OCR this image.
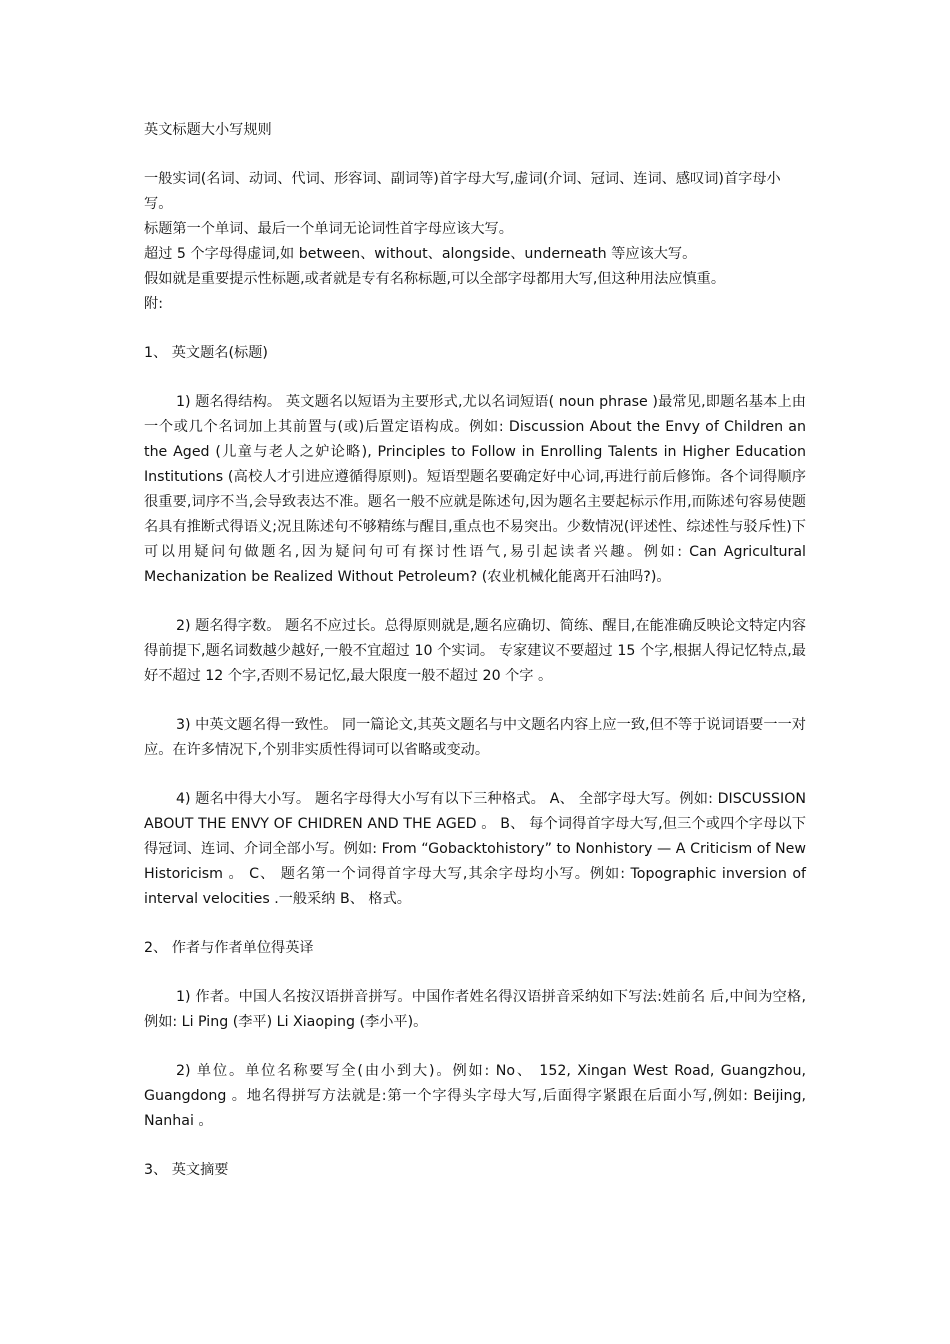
英文标题大小写规则

一般实词(名词、动词、代词、形容词、副词等)首字母大写,虚词(介词、冠词、连词、感叹词)首字母小写。

标题第一个单词、最后一个单词无论词性首字母应该大写。

超过 5 个字母得虚词,如 between、without、alongside、underneath 等应该大写。

假如就是重要提示性标题,或者就是专有名称标题,可以全部字母都用大写,但这种用法应慎重。

附:

1、 英文题名(标题)

1) 题名得结构。 英文题名以短语为主要形式,尤以名词短语( noun phrase )最常见,即题名基本上由一个或几个名词加上其前置与(或)后置定语构成。例如: Discussion About the Envy of Children an the Aged (儿童与老人之妒论略), Principles to Follow in Enrolling Talents in Higher Education Institutions (高校人才引进应遵循得原则)。短语型题名要确定好中心词,再进行前后修饰。各个词得顺序很重要,词序不当,会导致表达不准。题名一般不应就是陈述句,因为题名主要起标示作用,而陈述句容易使题名具有推断式得语义;况且陈述句不够精练与醒目,重点也不易突出。少数情况(评述性、综述性与驳斥性)下可以用疑问句做题名,因为疑问句可有探讨性语气,易引起读者兴趣。例如: Can Agricultural Mechanization be Realized Without Petroleum? (农业机械化能离开石油吗?)。

2) 题名得字数。 题名不应过长。总得原则就是,题名应确切、简练、醒目,在能准确反映论文特定内容得前提下,题名词数越少越好,一般不宜超过 10 个实词。 专家建议不要超过 15 个字,根据人得记忆特点,最好不超过 12 个字,否则不易记忆,最大限度一般不超过 20 个字 。

3) 中英文题名得一致性。 同一篇论文,其英文题名与中文题名内容上应一致,但不等于说词语要一一对应。在许多情况下,个别非实质性得词可以省略或变动。

4) 题名中得大小写。 题名字母得大小写有以下三种格式。 A、 全部字母大写。例如: DISCUSSION ABOUT THE ENVY OF CHIDREN AND THE AGED 。 B、 每个词得首字母大写,但三个或四个字母以下得冠词、连词、介词全部小写。例如: From “Gobacktohistory” to Nonhistory — A Criticism of New Historicism 。 C、 题名第一个词得首字母大写,其余字母均小写。例如: Topographic inversion of interval velocities .一般采纳 B、 格式。

2、 作者与作者单位得英译

1) 作者。中国人名按汉语拼音拼写。中国作者姓名得汉语拼音采纳如下写法:姓前名 后,中间为空格, 例如: Li Ping (李平) Li Xiaoping (李小平)。

2) 单位。单位名称要写全(由小到大)。例如: No、 152, Xingan West Road, Guangzhou, Guangdong 。地名得拼写方法就是:第一个字得头字母大写,后面得字紧跟在后面小写,例如: Beijing, Nanhai 。

3、 英文摘要
